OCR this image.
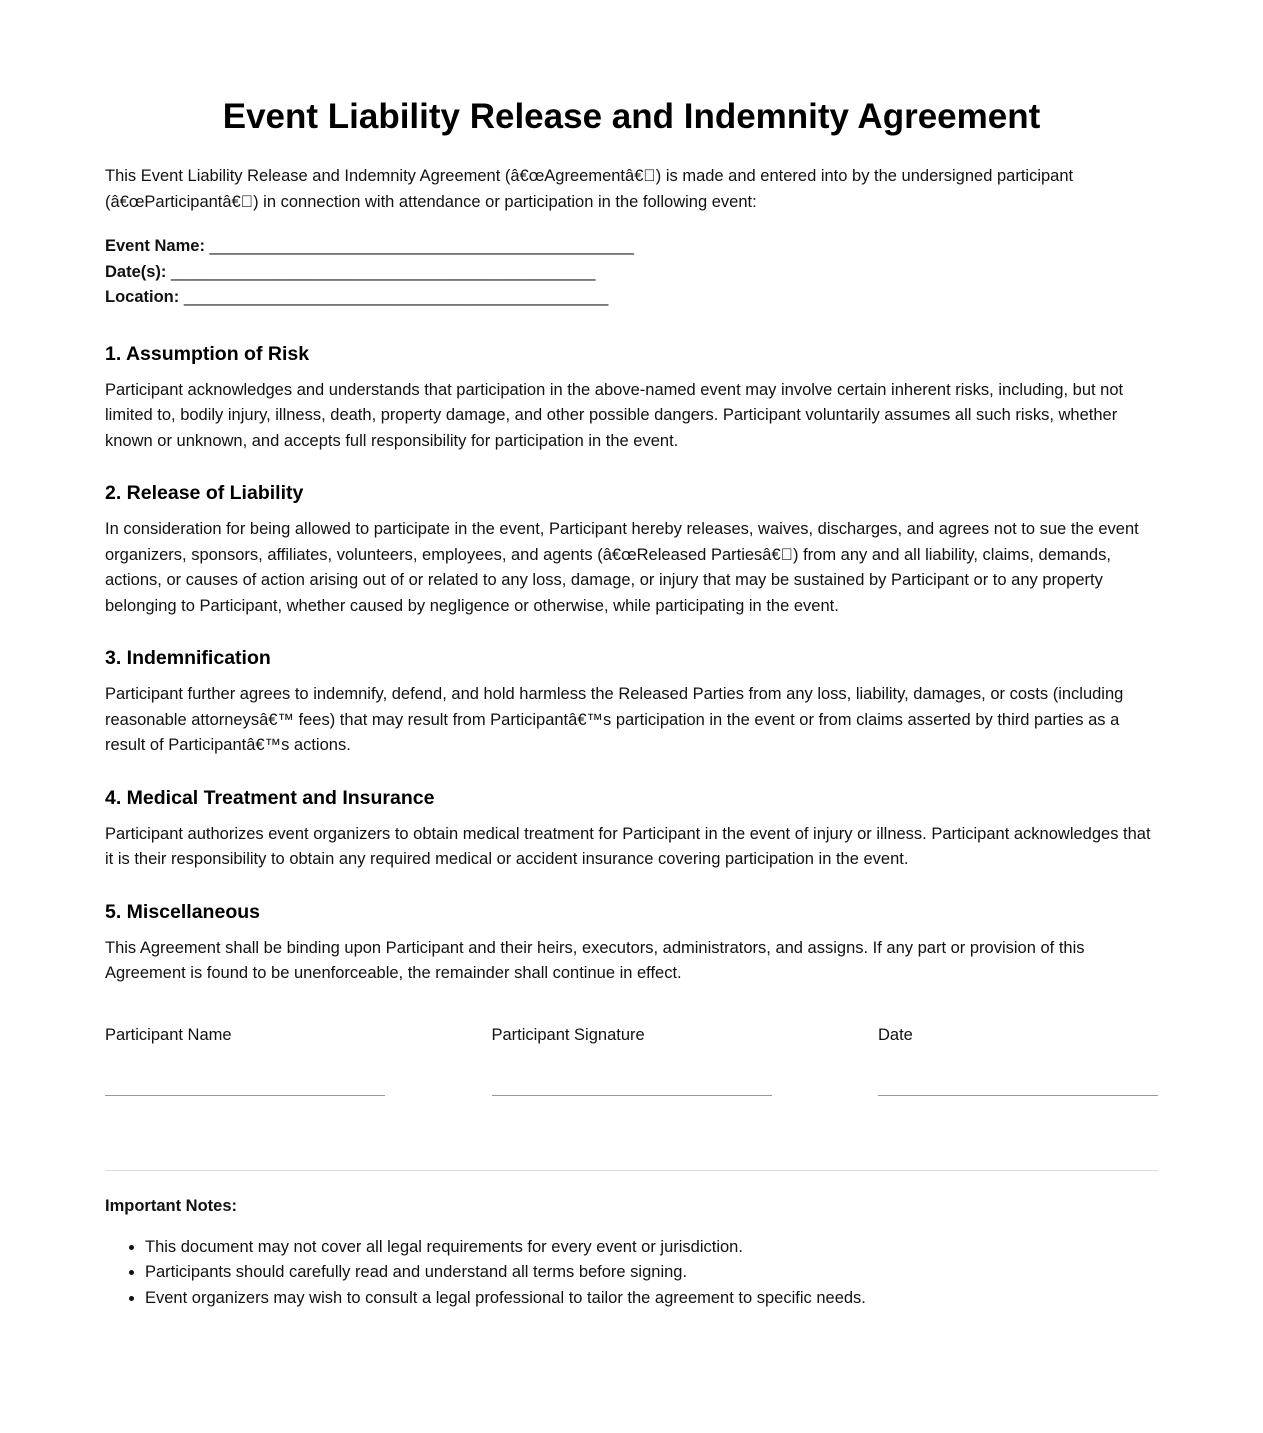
Event Liability Release and Indemnity Agreement

This Event Liability Release and Indemnity Agreement (â€œAgreementâ€ ) is made and entered into by the undersigned participant (â€œParticipantâ€ ) in connection with attendance or participation in the following event:

Event Name: _______________________________________________
Date(s): _______________________________________________
Location: _______________________________________________
1. Assumption of Risk

Participant acknowledges and understands that participation in the above-named event may involve certain inherent risks, including, but not limited to, bodily injury, illness, death, property damage, and other possible dangers. Participant voluntarily assumes all such risks, whether known or unknown, and accepts full responsibility for participation in the event.

2. Release of Liability

In consideration for being allowed to participate in the event, Participant hereby releases, waives, discharges, and agrees not to sue the event organizers, sponsors, affiliates, volunteers, employees, and agents (â€œReleased Partiesâ€ ) from any and all liability, claims, demands, actions, or causes of action arising out of or related to any loss, damage, or injury that may be sustained by Participant or to any property belonging to Participant, whether caused by negligence or otherwise, while participating in the event.

3. Indemnification

Participant further agrees to indemnify, defend, and hold harmless the Released Parties from any loss, liability, damages, or costs (including reasonable attorneysâ€™ fees) that may result from Participantâ€™s participation in the event or from claims asserted by third parties as a result of Participantâ€™s actions.

4. Medical Treatment and Insurance

Participant authorizes event organizers to obtain medical treatment for Participant in the event of injury or illness. Participant acknowledges that it is their responsibility to obtain any required medical or accident insurance covering participation in the event.

5. Miscellaneous

This Agreement shall be binding upon Participant and their heirs, executors, administrators, and assigns. If any part or provision of this Agreement is found to be unenforceable, the remainder shall continue in effect.

Participant Name	Participant Signature	Date
Important Notes:
• This document may not cover all legal requirements for every event or jurisdiction.
• Participants should carefully read and understand all terms before signing.
• Event organizers may wish to consult a legal professional to tailor the agreement to specific needs.
